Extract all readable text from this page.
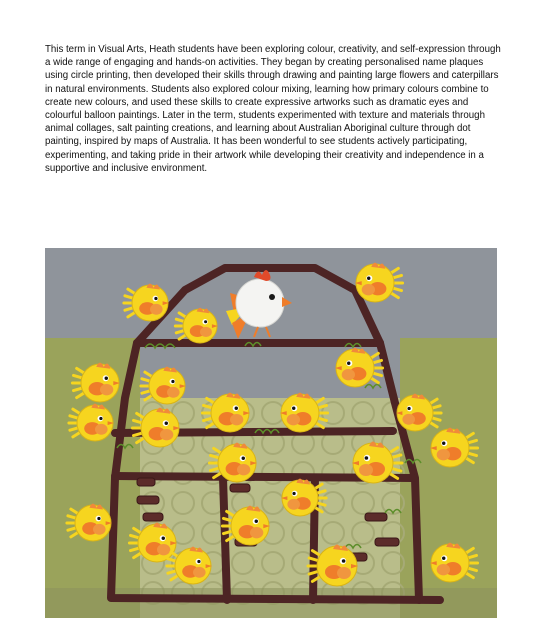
This term in Visual Arts, Heath students have been exploring colour, creativity, and self-expression through a wide range of engaging and hands-on activities. They began by creating personalised name plaques using circle printing, then developed their skills through drawing and painting large flowers and caterpillars in natural environments. Students also explored colour mixing, learning how primary colours combine to create new colours, and used these skills to create expressive artworks such as dramatic eyes and colourful balloon paintings. Later in the term, students experimented with texture and materials through animal collages, salt painting creations, and learning about Australian Aboriginal culture through dot painting, inspired by maps of Australia. It has been wonderful to see students actively participating, experimenting, and taking pride in their artwork while developing their creativity and independence in a supportive and inclusive environment.
